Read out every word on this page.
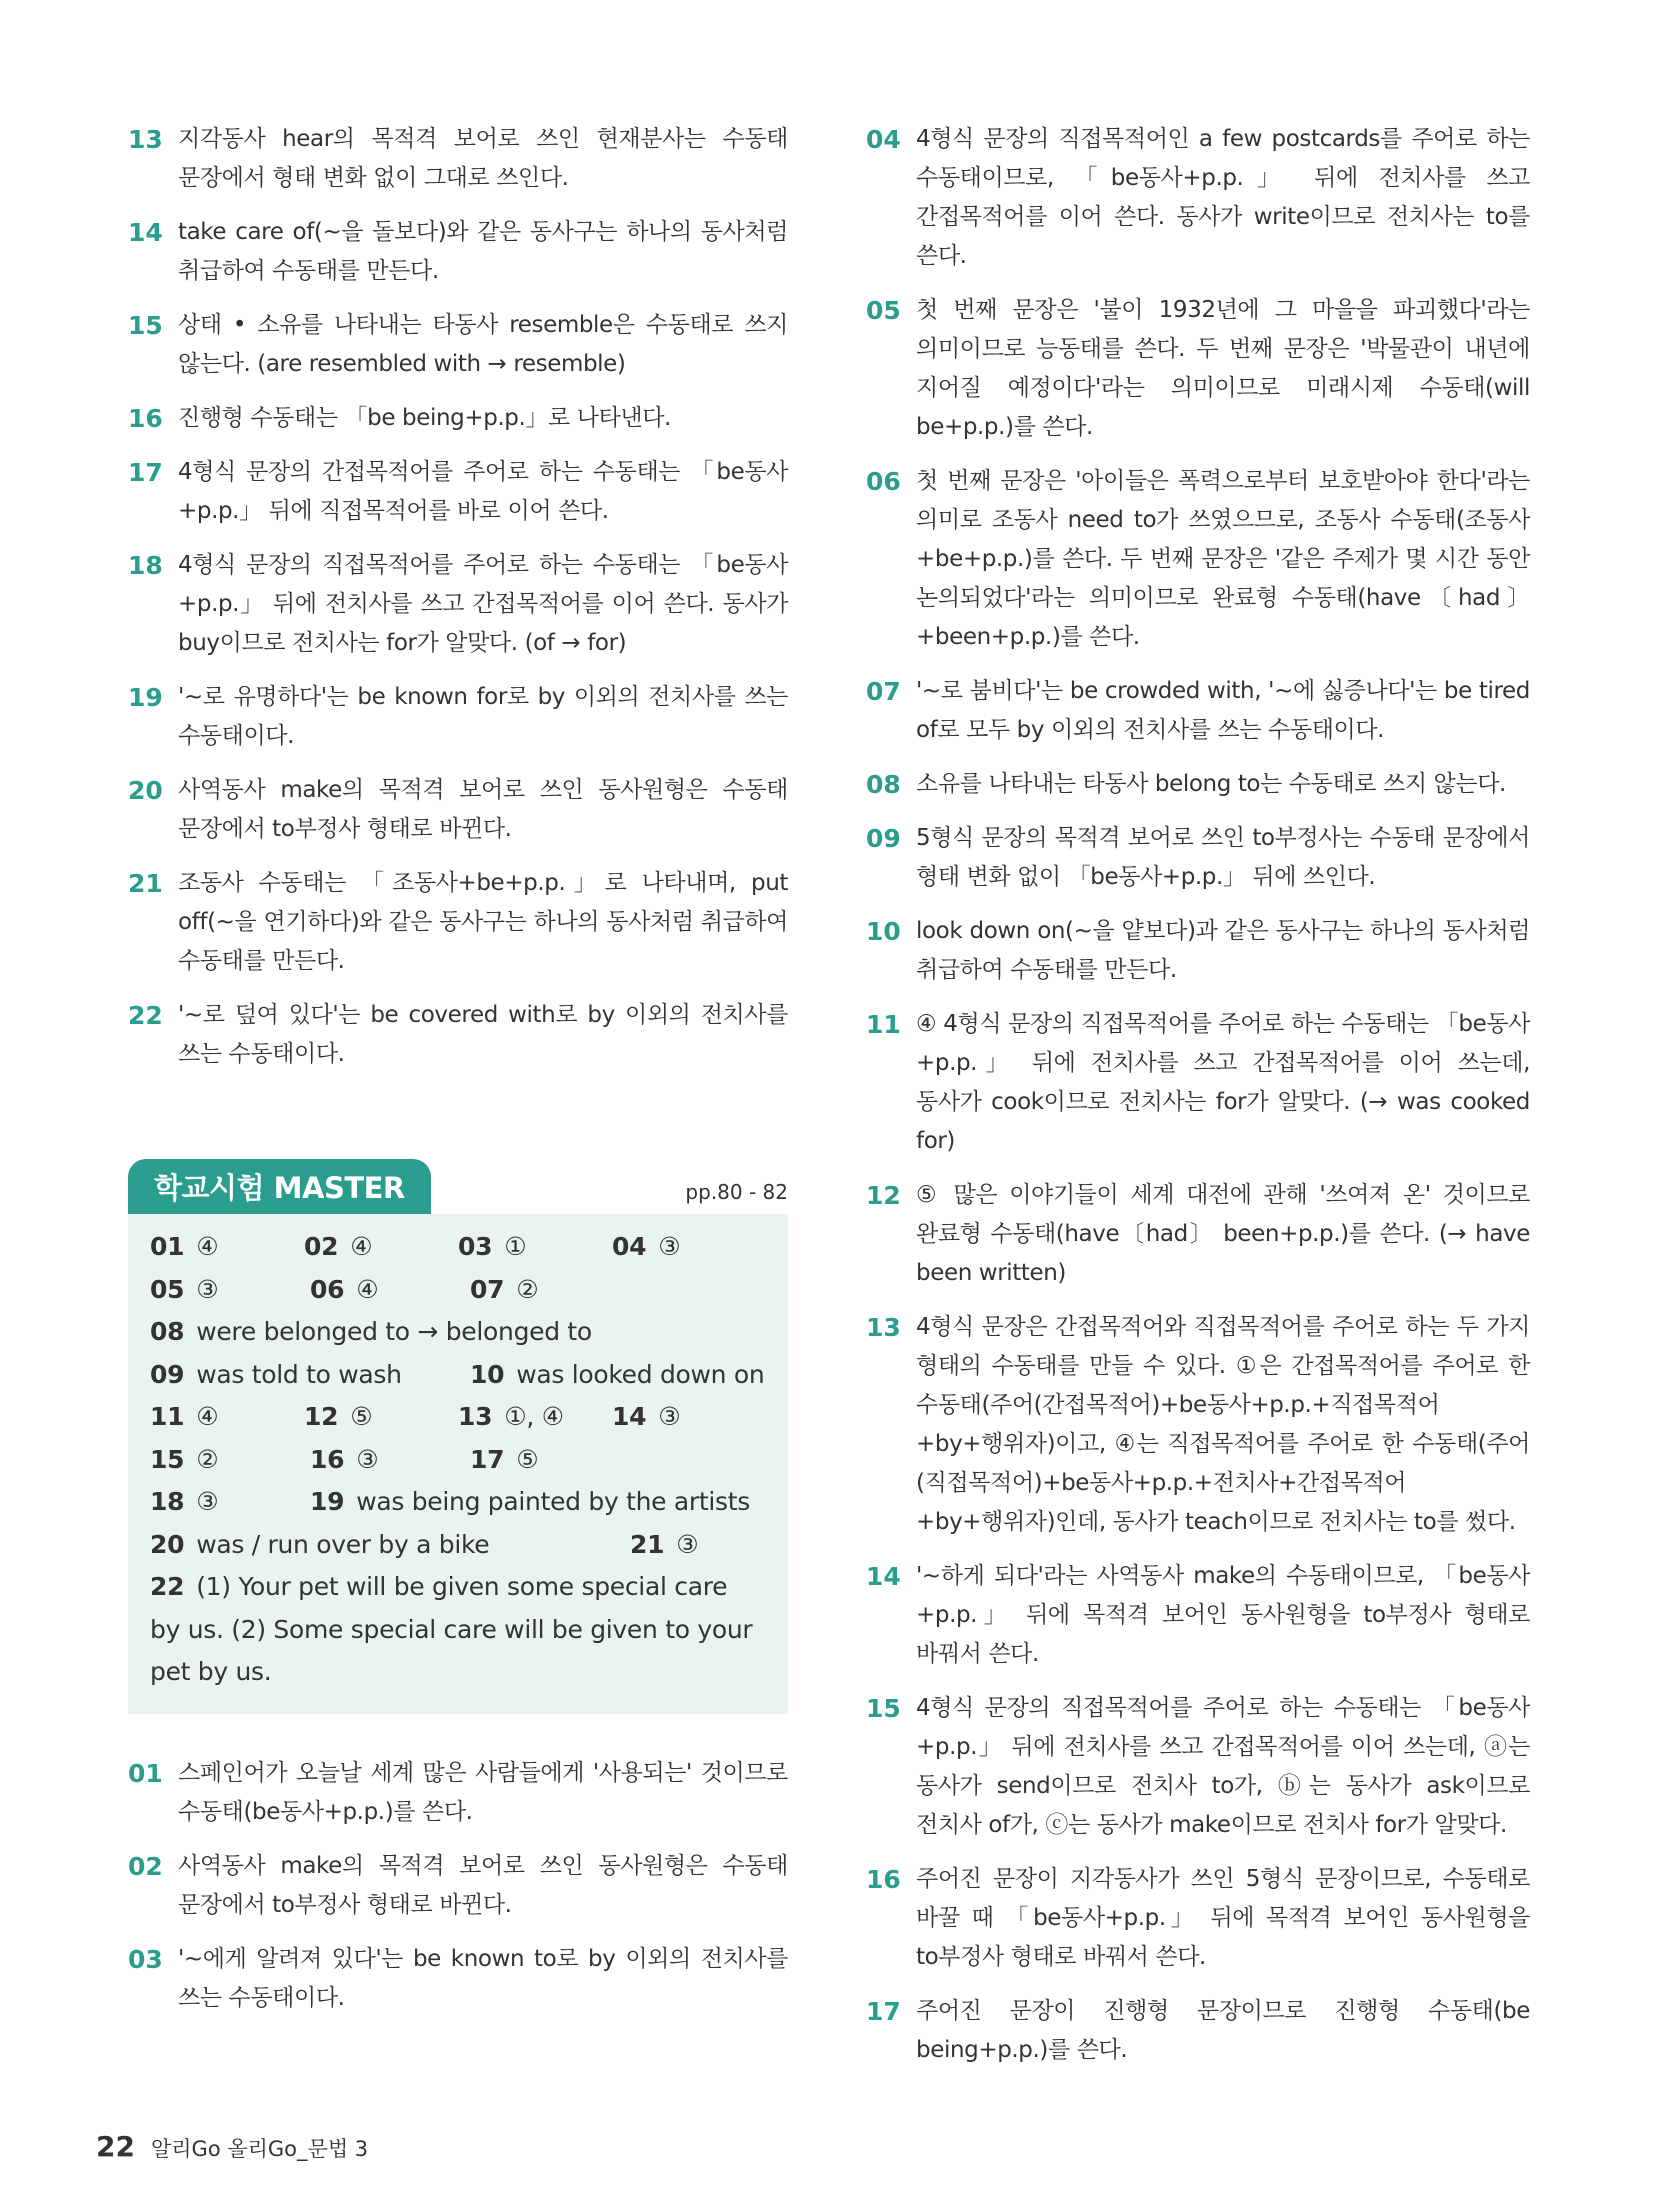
13 지각동사 hear의 목적격 보어로 쓰인 현재분사는 수동태 문장에서 형태 변화 없이 그대로 쓰인다.
14 take care of(~을 돌보다)와 같은 동사구는 하나의 동사처럼 취급하여 수동태를 만든다.
15 상태 • 소유를 나타내는 타동사 resemble은 수동태로 쓰지 않는다. (are resembled with → resemble)
16 진행형 수동태는 「be being+p.p.」로 나타낸다.
17 4형식 문장의 간접목적어를 주어로 하는 수동태는 「be동사+p.p.」 뒤에 직접목적어를 바로 이어 쓴다.
18 4형식 문장의 직접목적어를 주어로 하는 수동태는 「be동사+p.p.」 뒤에 전치사를 쓰고 간접목적어를 이어 쓴다. 동사가 buy이므로 전치사는 for가 알맞다. (of → for)
19 '~로 유명하다'는 be known for로 by 이외의 전치사를 쓰는 수동태이다.
20 사역동사 make의 목적격 보어로 쓰인 동사원형은 수동태 문장에서 to부정사 형태로 바뀐다.
21 조동사 수동태는 「조동사+be+p.p.」로 나타내며, put off(~을 연기하다)와 같은 동사구는 하나의 동사처럼 취급하여 수동태를 만든다.
22 '~로 덮여 있다'는 be covered with로 by 이외의 전치사를 쓰는 수동태이다.
학교시험 MASTER	pp.80 - 82
01 ④	02 ④	03 ①	04 ③
05 ③	06 ④	07 ②
08 were belonged to → belonged to
09 was told to wash	10 was looked down on
11 ④	12 ⑤	13 ①, ④	14 ③
15 ②	16 ③	17 ⑤
18 ③	19 was being painted by the artists
20 was / run over by a bike	21 ③
22 (1) Your pet will be given some special care
by us. (2) Some special care will be given to your
pet by us.
01 스페인어가 오늘날 세계 많은 사람들에게 '사용되는' 것이므로 수동태(be동사+p.p.)를 쓴다.
02 사역동사 make의 목적격 보어로 쓰인 동사원형은 수동태 문장에서 to부정사 형태로 바뀐다.
03 '~에게 알려져 있다'는 be known to로 by 이외의 전치사를 쓰는 수동태이다.
04 4형식 문장의 직접목적어인 a few postcards를 주어로 하는 수동태이므로, 「be동사+p.p.」 뒤에 전치사를 쓰고 간접목적어를 이어 쓴다. 동사가 write이므로 전치사는 to를 쓴다.
05 첫 번째 문장은 '불이 1932년에 그 마을을 파괴했다'라는 의미이므로 능동태를 쓴다. 두 번째 문장은 '박물관이 내년에 지어질 예정이다'라는 의미이므로 미래시제 수동태(will be+p.p.)를 쓴다.
06 첫 번째 문장은 '아이들은 폭력으로부터 보호받아야 한다'라는 의미로 조동사 need to가 쓰였으므로, 조동사 수동태(조동사+be+p.p.)를 쓴다. 두 번째 문장은 '같은 주제가 몇 시간 동안 논의되었다'라는 의미이므로 완료형 수동태(have〔had〕+been+p.p.)를 쓴다.
07 '~로 붐비다'는 be crowded with, '~에 싫증나다'는 be tired of로 모두 by 이외의 전치사를 쓰는 수동태이다.
08 소유를 나타내는 타동사 belong to는 수동태로 쓰지 않는다.
09 5형식 문장의 목적격 보어로 쓰인 to부정사는 수동태 문장에서 형태 변화 없이 「be동사+p.p.」 뒤에 쓰인다.
10 look down on(~을 얕보다)과 같은 동사구는 하나의 동사처럼 취급하여 수동태를 만든다.
11 ④ 4형식 문장의 직접목적어를 주어로 하는 수동태는 「be동사+p.p.」 뒤에 전치사를 쓰고 간접목적어를 이어 쓰는데, 동사가 cook이므로 전치사는 for가 알맞다. (→ was cooked for)
12 ⑤ 많은 이야기들이 세계 대전에 관해 '쓰여져 온' 것이므로 완료형 수동태(have〔had〕 been+p.p.)를 쓴다. (→ have been written)
13 4형식 문장은 간접목적어와 직접목적어를 주어로 하는 두 가지 형태의 수동태를 만들 수 있다. ①은 간접목적어를 주어로 한 수동태(주어(간접목적어)+be동사+p.p.+직접목적어+by+행위자)이고, ④는 직접목적어를 주어로 한 수동태(주어(직접목적어)+be동사+p.p.+전치사+간접목적어+by+행위자)인데, 동사가 teach이므로 전치사는 to를 썼다.
14 '~하게 되다'라는 사역동사 make의 수동태이므로, 「be동사+p.p.」 뒤에 목적격 보어인 동사원형을 to부정사 형태로 바꿔서 쓴다.
15 4형식 문장의 직접목적어를 주어로 하는 수동태는 「be동사+p.p.」 뒤에 전치사를 쓰고 간접목적어를 이어 쓰는데, ⓐ는 동사가 send이므로 전치사 to가, ⓑ는 동사가 ask이므로 전치사 of가, ⓒ는 동사가 make이므로 전치사 for가 알맞다.
16 주어진 문장이 지각동사가 쓰인 5형식 문장이므로, 수동태로 바꿀 때 「be동사+p.p.」 뒤에 목적격 보어인 동사원형을 to부정사 형태로 바꿔서 쓴다.
17 주어진 문장이 진행형 문장이므로 진행형 수동태(be being+p.p.)를 쓴다.
22 알리Go 올리Go_문법 3
